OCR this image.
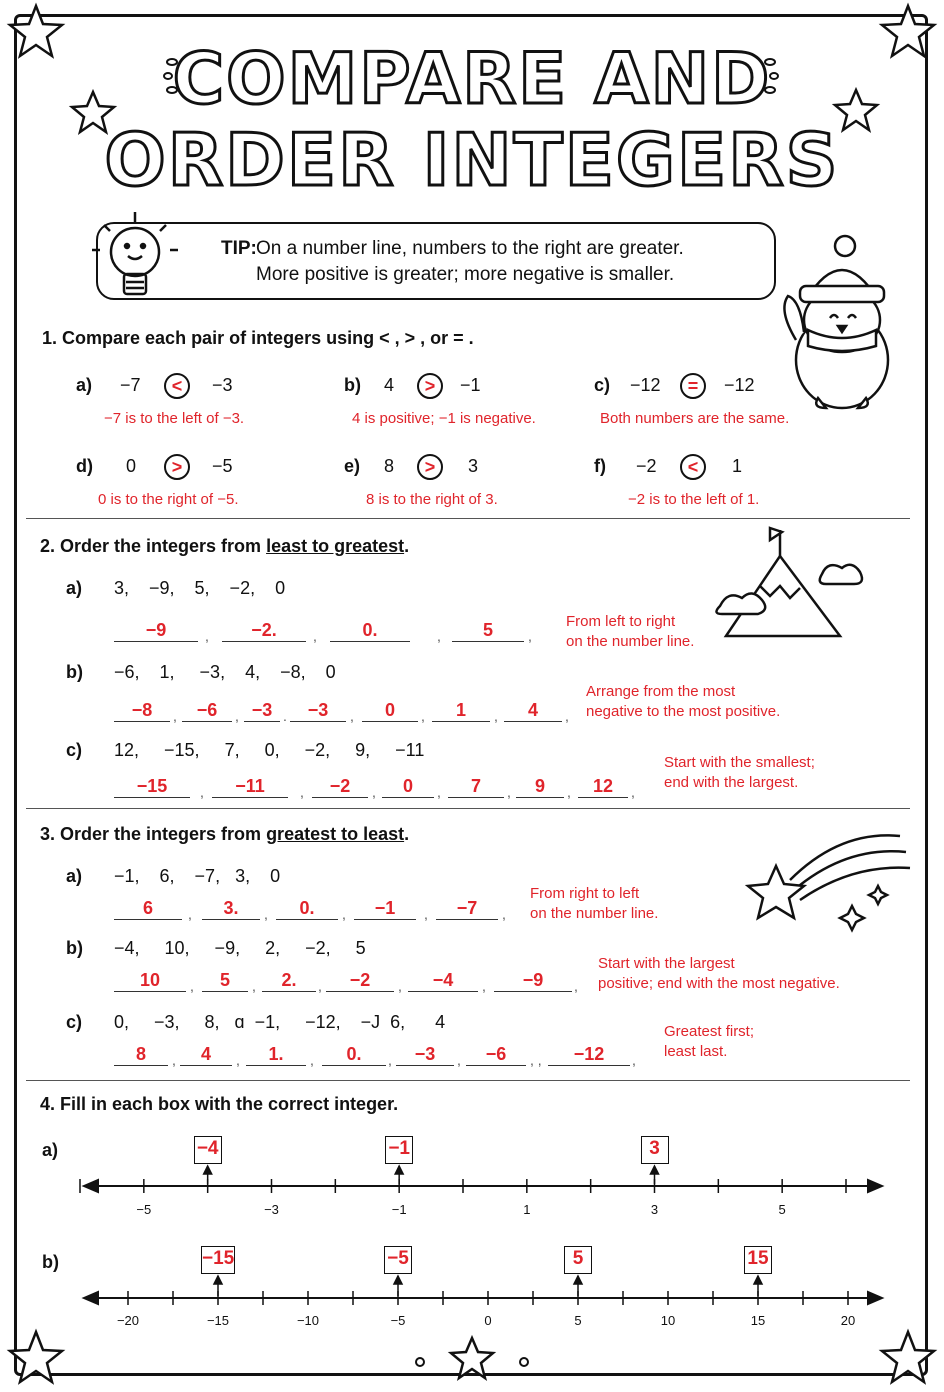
COMPARE AND
ORDER INTEGERS
TIP: On a number line, numbers to the right are greater.
More positive is greater; more negative is smaller.
1. Compare each pair of integers using < , > , or = .
a) −7	<	−3
−7 is to the left of −3.
b) 4	>	−1
4 is positive; −1 is negative.
c) −12	=	−12
Both numbers are the same.
d) 0	>	−5
0 is to the right of −5.
e) 8	>	3
8 is to the right of 3.
f) −2	<	1
−2 is to the left of 1.
2. Order the integers from least to greatest.
a) 3,    −9,    5,    −2,    0
−9	,	−2.	,	0.	,	5	,
From left to right
on the number line.
b) −6,    1,     −3,    4,    −8,    0
−8	,	−6	, −3 .	−3	,	0	,	1	,	4	,
Arrange from the most
negative to the most positive.
c) 12,     −15,     7,     0,     −2,     9,     −11
−15	,	−11	,	−2	,	0	,	7	,	9	,	12	,
Start with the smallest;
end with the largest.
3. Order the integers from greatest to least.
a) −1,    6,    −7,   3,    0
6	,	3.	,	0.	,	−1	,	−7	,
From right to left
on the number line.
b) −4,     10,     −9,     2,     −2,     5
10	,	5	,	2.	,	−2	,	−4	,	−9	,
Start with the largest
positive; end with the most negative.
c) 0,     −3,     8,   ɑ  −1,     −12,    −Ј  6,      4
8	,	4	,	1.	,	0.	,	−3	,	−6	, ,	−12	,
Greatest first;
least last.
4. Fill in each box with the correct integer.
a)
b)
−5	−3	−1	1	3	5
−4	−1	3
−20	−15	−10	−5	0	5	10	15	20
−15	−5	5	15
